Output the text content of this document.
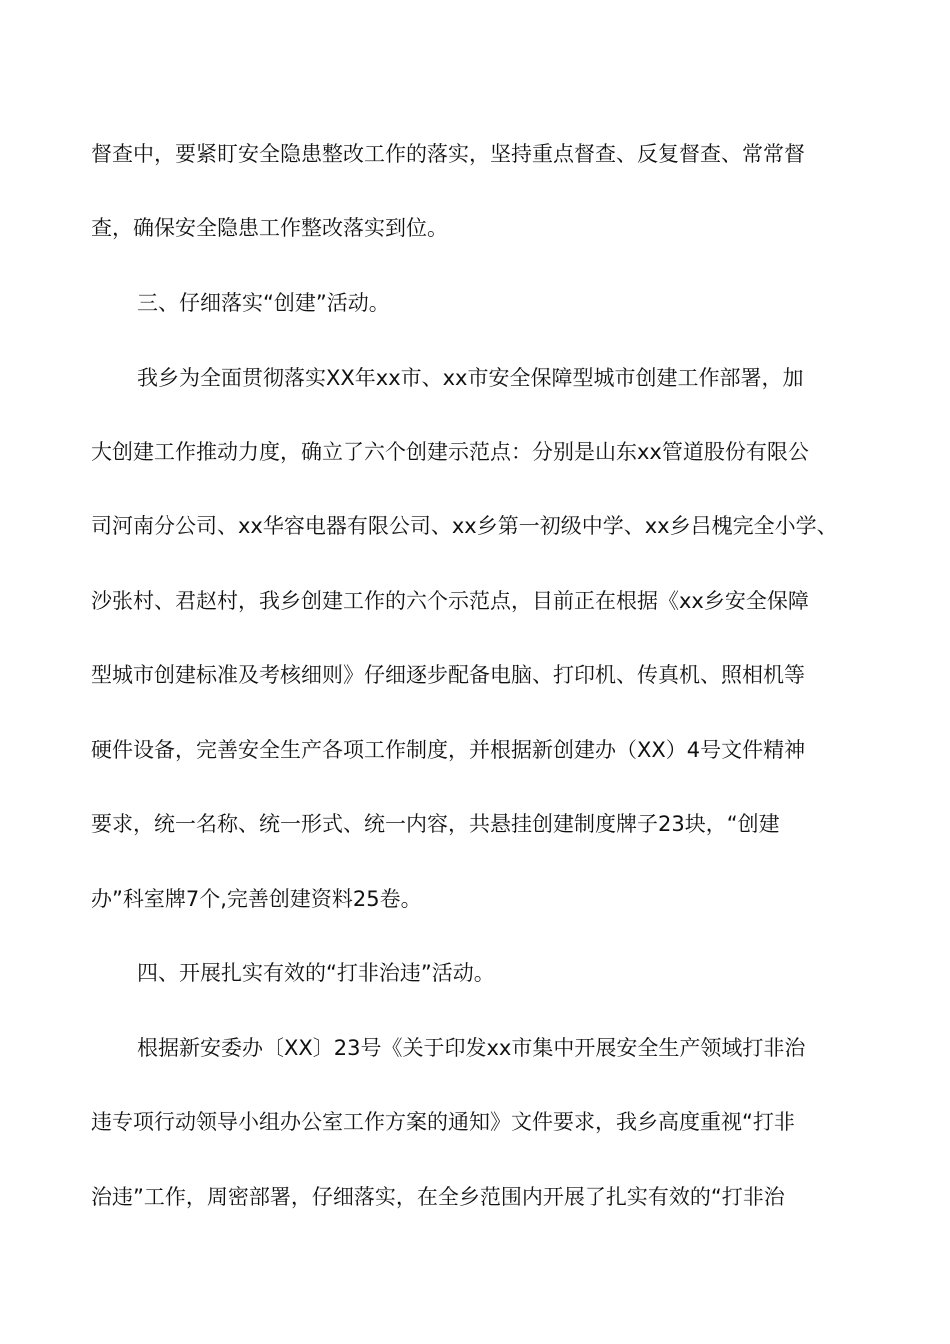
督查中，要紧盯安全隐患整改工作的落实，坚持重点督查、反复督查、常常督
查，确保安全隐患工作整改落实到位。
三、仔细落实“创建”活动。
我乡为全面贯彻落实XX年xx市、xx市安全保障型城市创建工作部署，加
大创建工作推动力度，确立了六个创建示范点：分别是山东xx管道股份有限公
司河南分公司、xx华容电器有限公司、xx乡第一初级中学、xx乡吕槐完全小学、
沙张村、君赵村，我乡创建工作的六个示范点，目前正在根据《xx乡安全保障
型城市创建标准及考核细则》仔细逐步配备电脑、打印机、传真机、照相机等
硬件设备，完善安全生产各项工作制度，并根据新创建办（XX）4号文件精神
要求，统一名称、统一形式、统一内容，共悬挂创建制度牌子23块，“创建
办”科室牌7个,完善创建资料25卷。
四、开展扎实有效的“打非治违”活动。
根据新安委办〔XX〕23号《关于印发xx市集中开展安全生产领域打非治
违专项行动领导小组办公室工作方案的通知》文件要求，我乡高度重视“打非
治违”工作，周密部署，仔细落实，在全乡范围内开展了扎实有效的“打非治
